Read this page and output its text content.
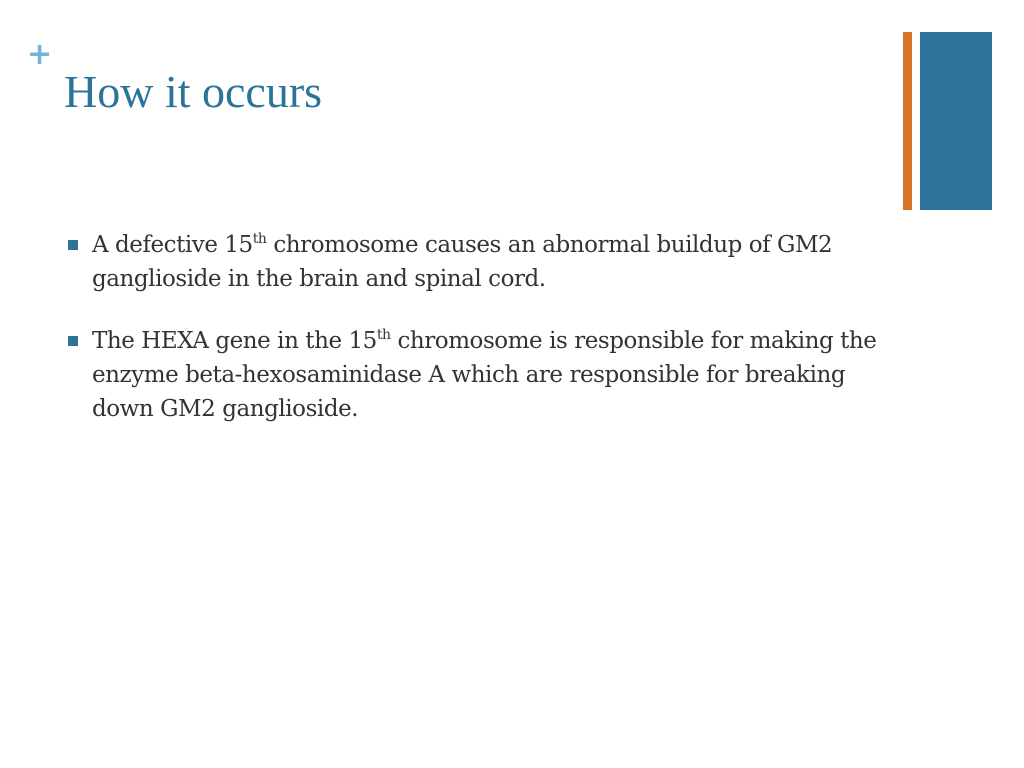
+
How it occurs
A defective 15th chromosome causes an abnormal buildup of GM2 ganglioside in the brain and spinal cord.
The HEXA gene in the 15th chromosome is responsible for making the enzyme beta-hexosaminidase A which are responsible for breaking down GM2 ganglioside.
